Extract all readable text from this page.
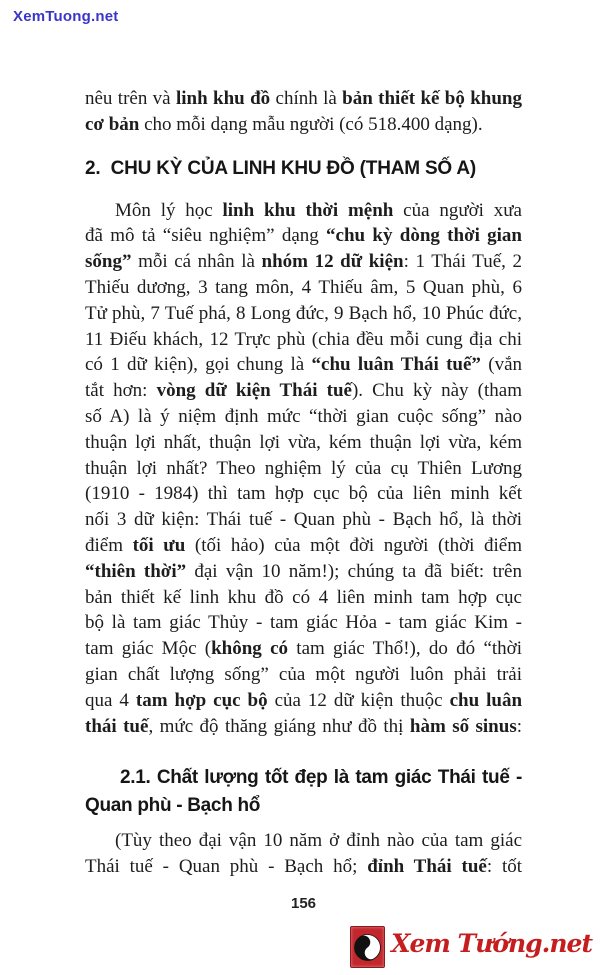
XemTuong.net
nêu trên và linh khu đồ chính là bản thiết kế bộ khung
cơ bản cho mỗi dạng mẫu người (có 518.400 dạng).
2.  CHU KỲ CỦA LINH KHU ĐỒ (THAM SỐ A)
Môn lý học linh khu thời mệnh của người xưa
đã mô tả “siêu nghiệm” dạng “chu kỳ dòng thời gian
sống” mỗi cá nhân là nhóm 12 dữ kiện: 1 Thái Tuế, 2
Thiếu dương, 3 tang môn, 4 Thiếu âm, 5 Quan phù, 6
Tử phù, 7 Tuế phá, 8 Long đức, 9 Bạch hổ, 10 Phúc đức,
11 Điếu khách, 12 Trực phù (chia đều mỗi cung địa chi
có 1 dữ kiện), gọi chung là “chu luân Thái tuế” (vắn
tắt hơn: vòng dữ kiện Thái tuế). Chu kỳ này (tham
số A) là ý niệm định mức “thời gian cuộc sống” nào
thuận lợi nhất, thuận lợi vừa, kém thuận lợi vừa, kém
thuận lợi nhất? Theo nghiệm lý của cụ Thiên Lương
(1910 - 1984) thì tam hợp cục bộ của liên minh kết
nối 3 dữ kiện: Thái tuế - Quan phù - Bạch hổ, là thời
điểm tối ưu (tối hảo) của một đời người (thời điểm
“thiên thời” đại vận 10 năm!); chúng ta đã biết: trên
bản thiết kế linh khu đồ có 4 liên minh tam hợp cục
bộ là tam giác Thủy - tam giác Hỏa - tam giác Kim -
tam giác Mộc (không có tam giác Thổ!), do đó “thời
gian chất lượng sống” của một người luôn phải trải
qua 4 tam hợp cục bộ của 12 dữ kiện thuộc chu luân
thái tuế, mức độ thăng giáng như đồ thị hàm số sinus:
2.1. Chất lượng tốt đẹp là tam giác Thái tuế -
Quan phù - Bạch hổ
(Tùy theo đại vận 10 năm ở đỉnh nào của tam giác
Thái tuế - Quan phù - Bạch hổ; đỉnh Thái tuế: tốt
156
Xem Tướng.net
